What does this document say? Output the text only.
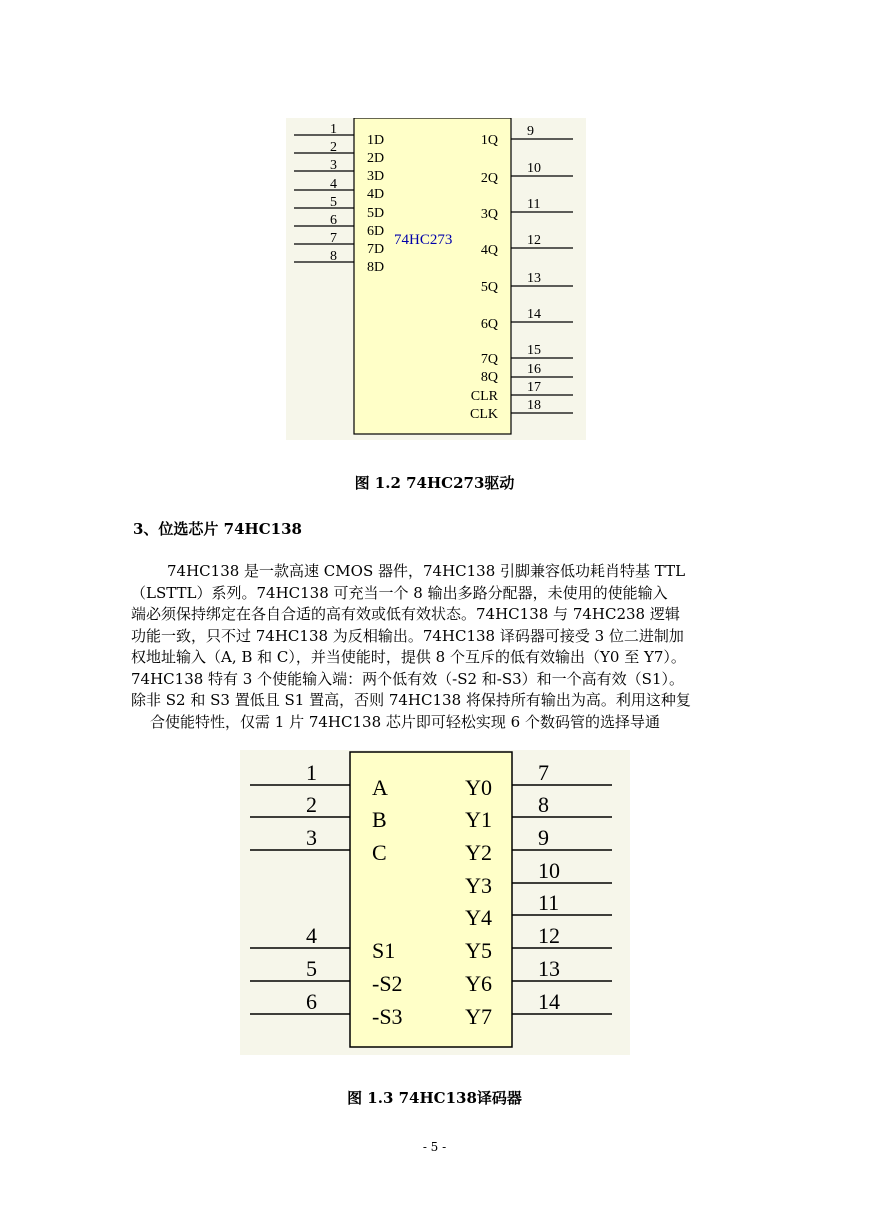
74HC273
1
1D
2
2D
3
3D
4
4D
5
5D
6
6D
7
7D
8
8D
9
1Q
10
2Q
11
3Q
12
4Q
13
5Q
14
6Q
15
7Q
16
8Q
17
CLR
18
CLK
图 1.2 74HC273驱动
3、位选芯片 74HC138
74HC138 是一款高速 CMOS 器件，74HC138 引脚兼容低功耗肖特基 TTL
（LSTTL）系列。74HC138 可充当一个 8 输出多路分配器，未使用的使能输入
端必须保持绑定在各自合适的高有效或低有效状态。74HC138 与 74HC238 逻辑
功能一致，只不过 74HC138 为反相输出。74HC138 译码器可接受 3 位二进制加
权地址输入（A, B 和 C），并当使能时，提供 8 个互斥的低有效输出（Y0 至 Y7）。
74HC138 特有 3 个使能输入端：两个低有效（-S2 和-S3）和一个高有效（S1）。
除非 S2 和 S3 置低且 S1 置高，否则 74HC138 将保持所有输出为高。利用这种复
合使能特性，仅需 1 片 74HC138 芯片即可轻松实现 6 个数码管的选择导通
1
A
2
B
3
C
4
S1
5
-S2
6
-S3
7
Y0
8
Y1
9
Y2
10
Y3
11
Y4
12
Y5
13
Y6
14
Y7
图 1.3 74HC138译码器
- 5 -
